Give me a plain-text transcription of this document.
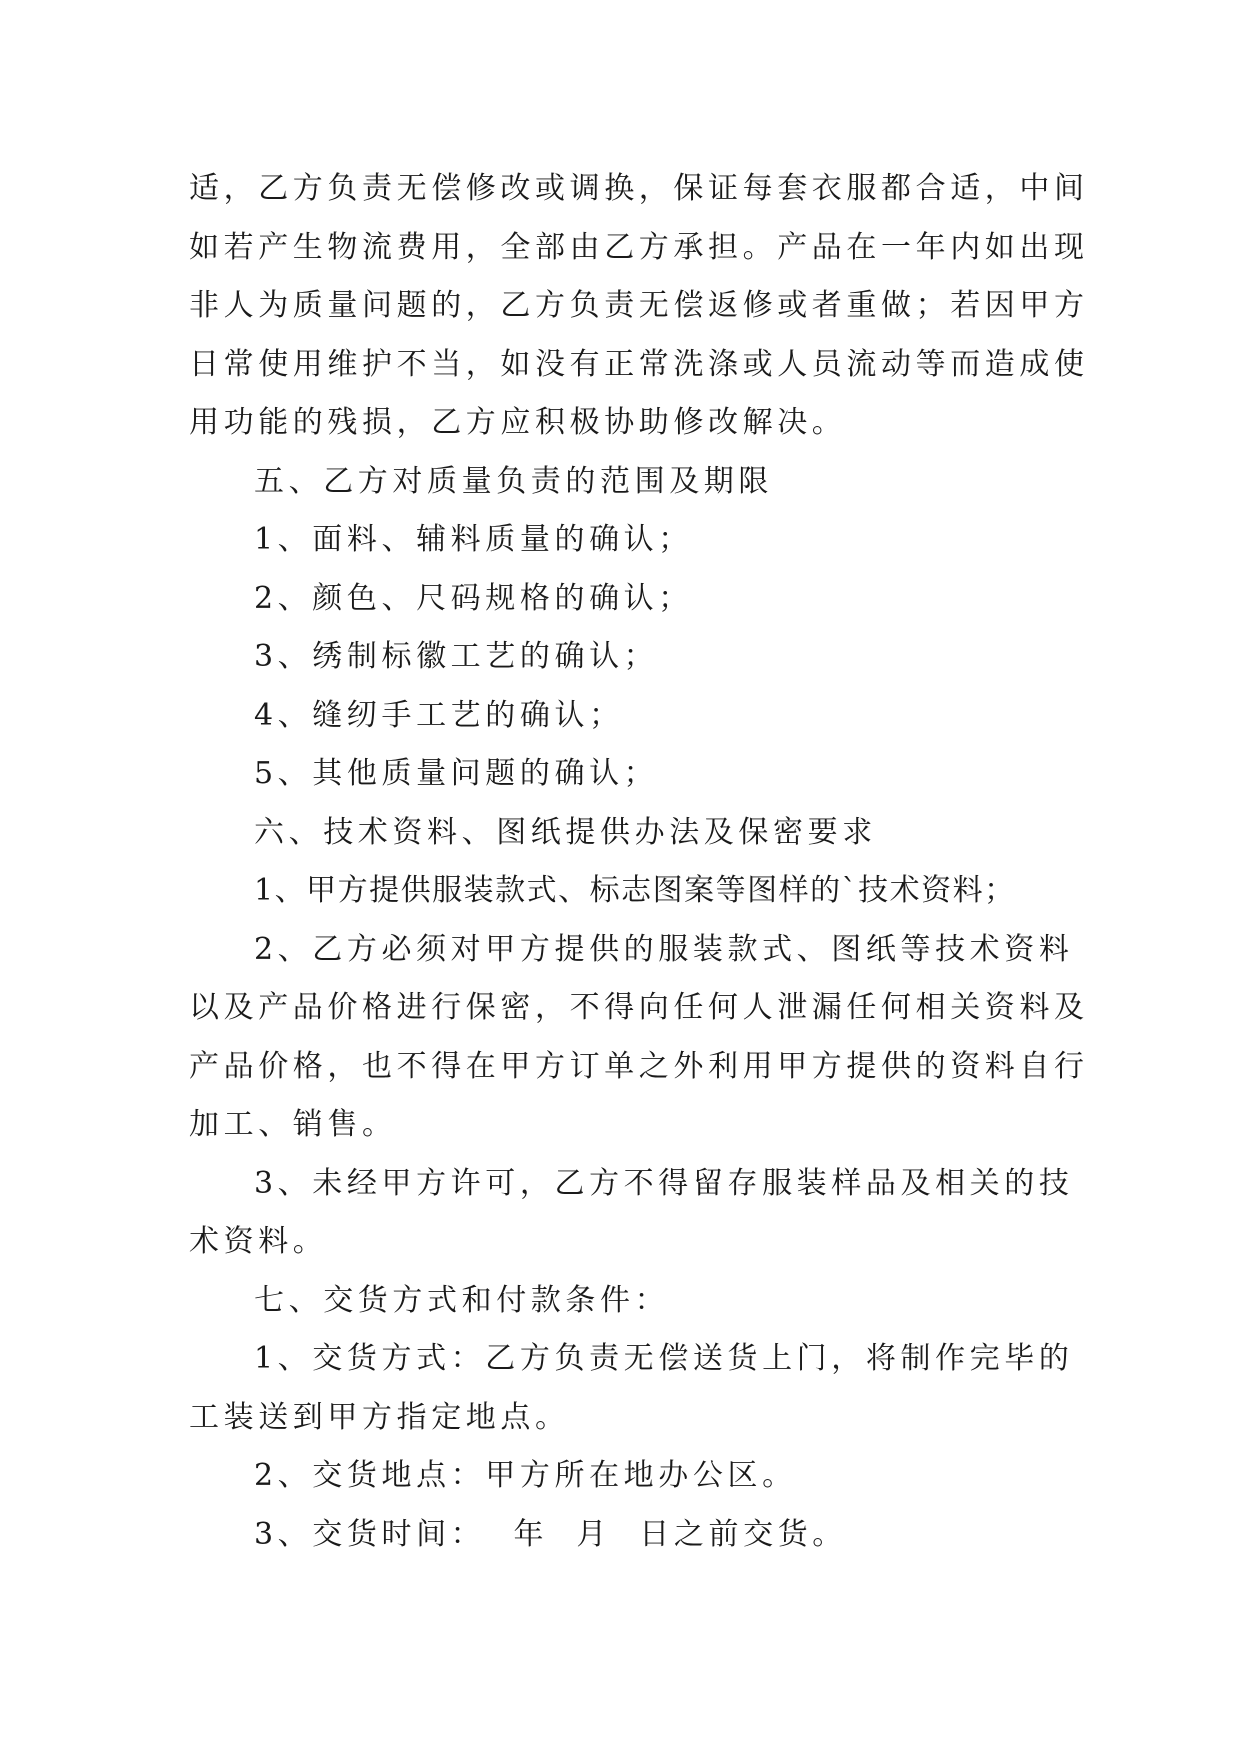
适，乙方负责无偿修改或调换，保证每套衣服都合适，中间
如若产生物流费用，全部由乙方承担。产品在一年内如出现
非人为质量问题的，乙方负责无偿返修或者重做；若因甲方
日常使用维护不当，如没有正常洗涤或人员流动等而造成使
用功能的残损，乙方应积极协助修改解决。
五、乙方对质量负责的范围及期限
1、面料、辅料质量的确认；
2、颜色、尺码规格的确认；
3、绣制标徽工艺的确认；
4、缝纫手工艺的确认；
5、其他质量问题的确认；
六、技术资料、图纸提供办法及保密要求
1、甲方提供服装款式、标志图案等图样的`技术资料；
2、乙方必须对甲方提供的服装款式、图纸等技术资料
以及产品价格进行保密，不得向任何人泄漏任何相关资料及
产品价格，也不得在甲方订单之外利用甲方提供的资料自行
加工、销售。
3、未经甲方许可，乙方不得留存服装样品及相关的技
术资料。
七、交货方式和付款条件：
1、交货方式：乙方负责无偿送货上门，将制作完毕的
工装送到甲方指定地点。
2、交货地点：甲方所在地办公区。
3、交货时间：  年  月  日之前交货。
